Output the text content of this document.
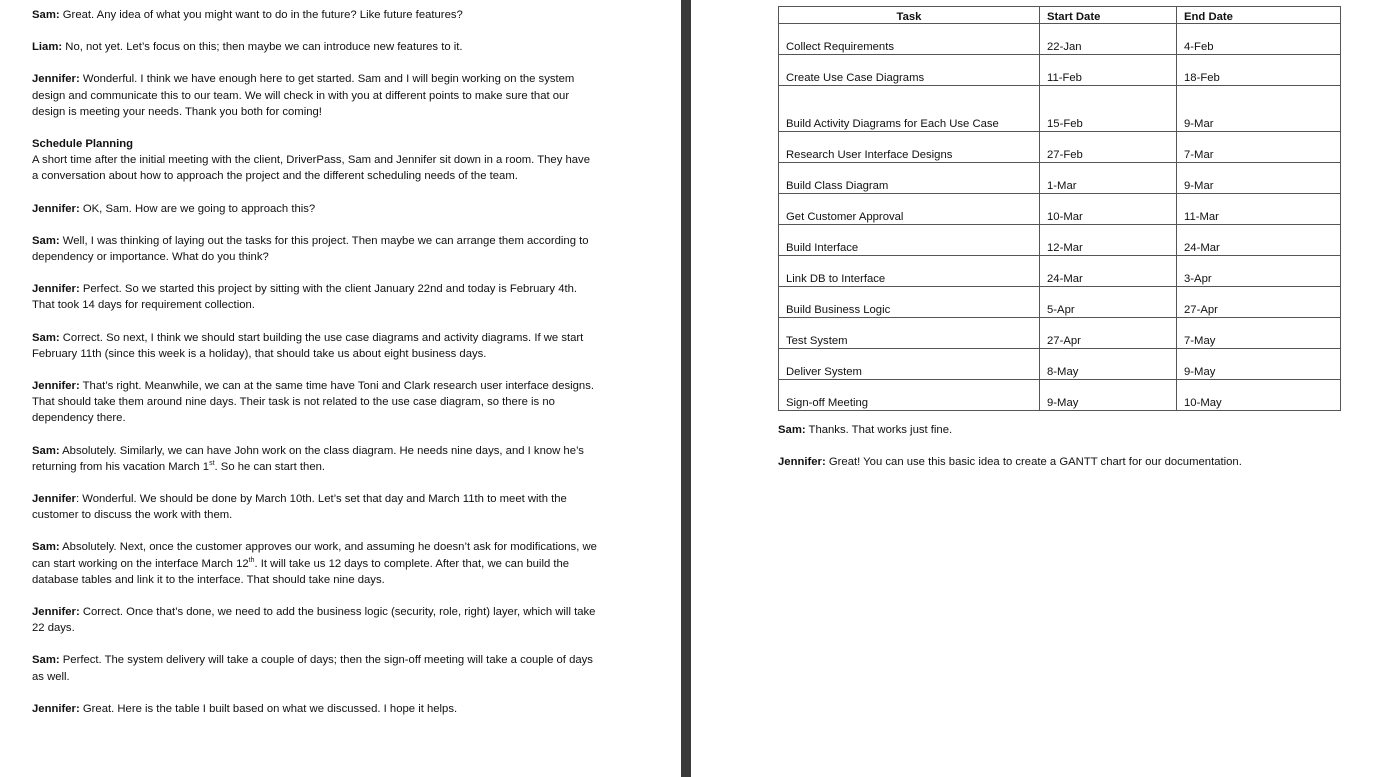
Sam: Great. Any idea of what you might want to do in the future? Like future features?

Liam: No, not yet. Let’s focus on this; then maybe we can introduce new features to it.

Jennifer: Wonderful. I think we have enough here to get started. Sam and I will begin working on the system design and communicate this to our team. We will check in with you at different points to make sure that our design is meeting your needs. Thank you both for coming!

Schedule Planning
A short time after the initial meeting with the client, DriverPass, Sam and Jennifer sit down in a room. They have a conversation about how to approach the project and the different scheduling needs of the team.

Jennifer: OK, Sam. How are we going to approach this?

Sam: Well, I was thinking of laying out the tasks for this project. Then maybe we can arrange them according to dependency or importance. What do you think?

Jennifer: Perfect. So we started this project by sitting with the client January 22nd and today is February 4th. That took 14 days for requirement collection.

Sam: Correct. So next, I think we should start building the use case diagrams and activity diagrams. If we start February 11th (since this week is a holiday), that should take us about eight business days.

Jennifer: That’s right. Meanwhile, we can at the same time have Toni and Clark research user interface designs. That should take them around nine days. Their task is not related to the use case diagram, so there is no dependency there.

Sam: Absolutely. Similarly, we can have John work on the class diagram. He needs nine days, and I know he’s returning from his vacation March 1st. So he can start then.

Jennifer: Wonderful. We should be done by March 10th. Let’s set that day and March 11th to meet with the customer to discuss the work with them.

Sam: Absolutely. Next, once the customer approves our work, and assuming he doesn’t ask for modifications, we can start working on the interface March 12th. It will take us 12 days to complete. After that, we can build the database tables and link it to the interface. That should take nine days.

Jennifer: Correct. Once that’s done, we need to add the business logic (security, role, right) layer, which will take 22 days.

Sam: Perfect. The system delivery will take a couple of days; then the sign-off meeting will take a couple of days as well.

Jennifer: Great. Here is the table I built based on what we discussed. I hope it helps.

Task	Start Date	End Date
Collect Requirements	22-Jan	4-Feb
Create Use Case Diagrams	11-Feb	18-Feb
Build Activity Diagrams for Each Use Case	15-Feb	9-Mar
Research User Interface Designs	27-Feb	7-Mar
Build Class Diagram	1-Mar	9-Mar
Get Customer Approval	10-Mar	11-Mar
Build Interface	12-Mar	24-Mar
Link DB to Interface	24-Mar	3-Apr
Build Business Logic	5-Apr	27-Apr
Test System	27-Apr	7-May
Deliver System	8-May	9-May
Sign-off Meeting	9-May	10-May

Sam: Thanks. That works just fine.

Jennifer: Great! You can use this basic idea to create a GANTT chart for our documentation.
